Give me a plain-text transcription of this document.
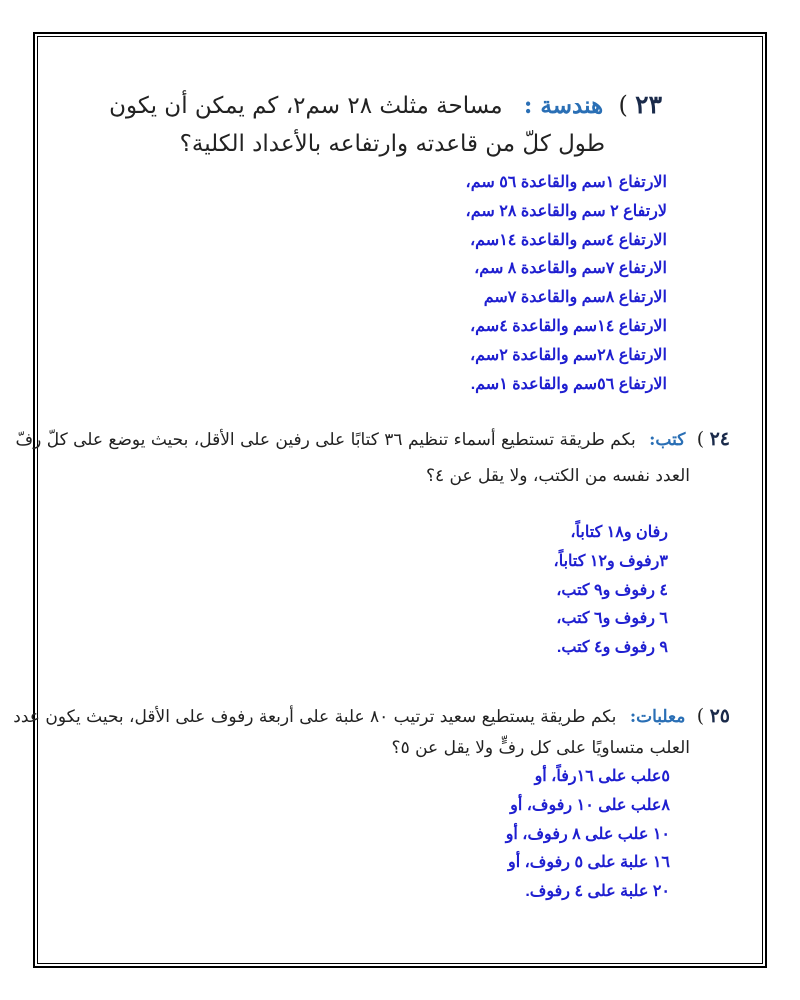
٢٣ ) هندسة : مساحة مثلث ٢٨ سم٢، كم يمكن أن يكون
طول كلّ من قاعدته وارتفاعه بالأعداد الكلية؟
الارتفاع ١سم والقاعدة ٥٦ سم،
لارتفاع ٢ سم والقاعدة ٢٨ سم،
الارتفاع ٤سم والقاعدة ١٤سم،
الارتفاع ٧سم والقاعدة ٨ سم،
الارتفاع ٨سم والقاعدة ٧سم
الارتفاع ١٤سم والقاعدة ٤سم،
الارتفاع ٢٨سم والقاعدة ٢سم،
الارتفاع ٥٦سم والقاعدة ١سم.
٢٤ ) كتب: بكم طريقة تستطيع أسماء تنظيم ٣٦ كتابًا على رفين على الأقل، بحيث يوضع على كلّ رفّ
العدد نفسه من الكتب، ولا يقل عن ٤؟
رفان و١٨ كتاباً،
٣رفوف و١٢ كتاباً،
٤ رفوف و٩ كتب،
٦ رفوف و٦ كتب،
٩ رفوف و٤ كتب.
٢٥ ) معلبات: بكم طريقة يستطيع سعيد ترتيب ٨٠ علبة على أربعة رفوف على الأقل، بحيث يكون عدد
العلب متساويًا على كل رفٍّ ولا يقل عن ٥؟
٥علب على ١٦رفاً، أو
٨علب على ١٠ رفوف، أو
١٠ علب على ٨ رفوف، أو
١٦ علبة على ٥ رفوف، أو
٢٠ علبة على ٤ رفوف.
